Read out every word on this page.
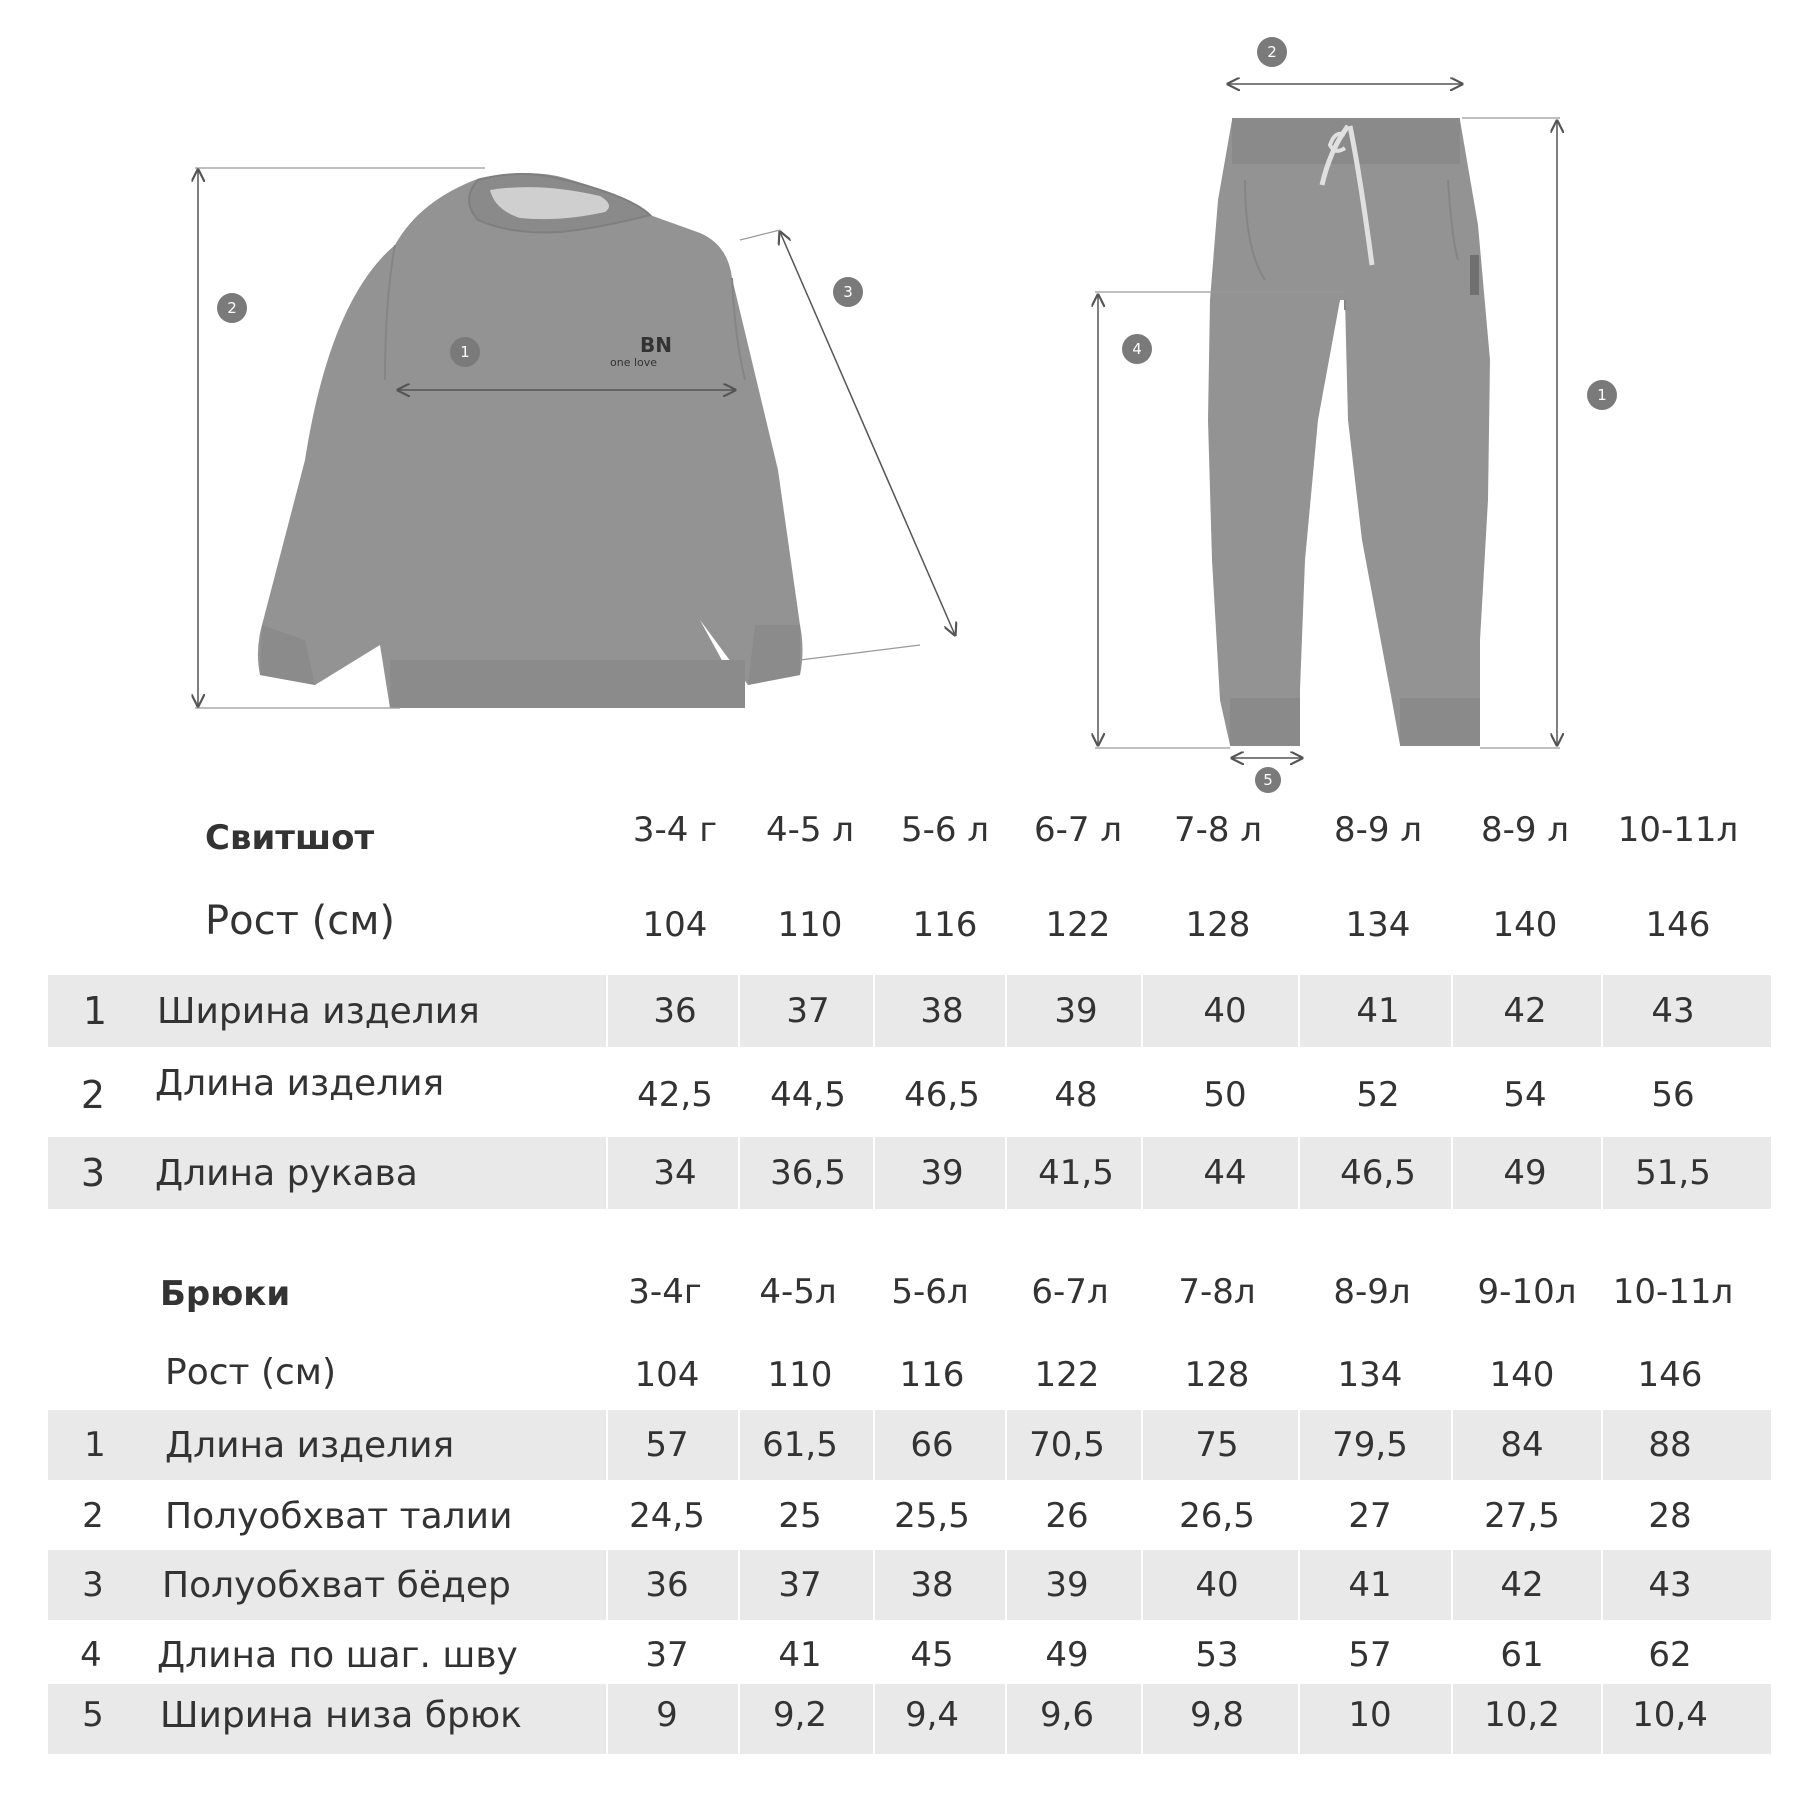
BN
one love
1
2
3
1
2
4
5
Свитшот	3-4 г	4-5 л	5-6 л	6-7 л	7-8 л	8-9 л	8-9 л	10-11л
Рост (см)	104	110	116	122	128	134	140	146
1	Ширина изделия	36	37	38	39	40	41	42	43
2	Длина изделия	42,5	44,5	46,5	48	50	52	54	56
3	Длина рукава	34	36,5	39	41,5	44	46,5	49	51,5
Брюки	3-4г	4-5л	5-6л	6-7л	7-8л	8-9л	9-10л	10-11л
Рост (см)	104	110	116	122	128	134	140	146
1	Длина изделия	57	61,5	66	70,5	75	79,5	84	88
2	Полуобхват талии	24,5	25	25,5	26	26,5	27	27,5	28
3	Полуобхват бёдер	36	37	38	39	40	41	42	43
4	Длина по шаг. шву	37	41	45	49	53	57	61	62
5	Ширина низа брюк	9	9,2	9,4	9,6	9,8	10	10,2	10,4
